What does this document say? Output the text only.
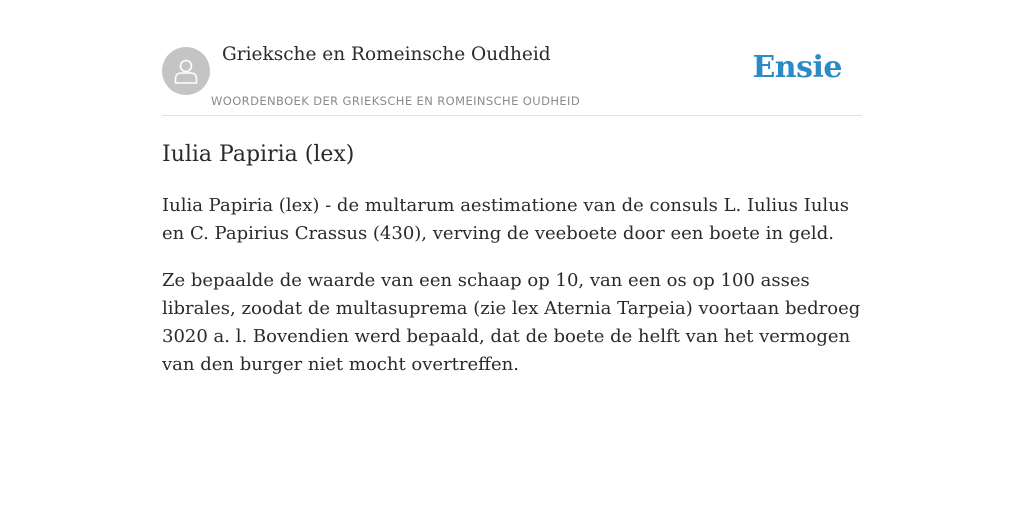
Grieksche en Romeinsche Oudheid
WOORDENBOEK DER GRIEKSCHE EN ROMEINSCHE OUDHEID
Ensie
Iulia Papiria (lex)

Iulia Papiria (lex) - de multarum aestimatione van de consuls L. Iulius Iulus en C. Papirius Crassus (430), verving de veeboete door een boete in geld.

Ze bepaalde de waarde van een schaap op 10, van een os op 100 asses librales, zoodat de multasuprema (zie lex Aternia Tarpeia) voortaan bedroeg 3020 a. l. Bovendien werd bepaald, dat de boete de helft van het vermogen van den burger niet mocht overtreffen.
